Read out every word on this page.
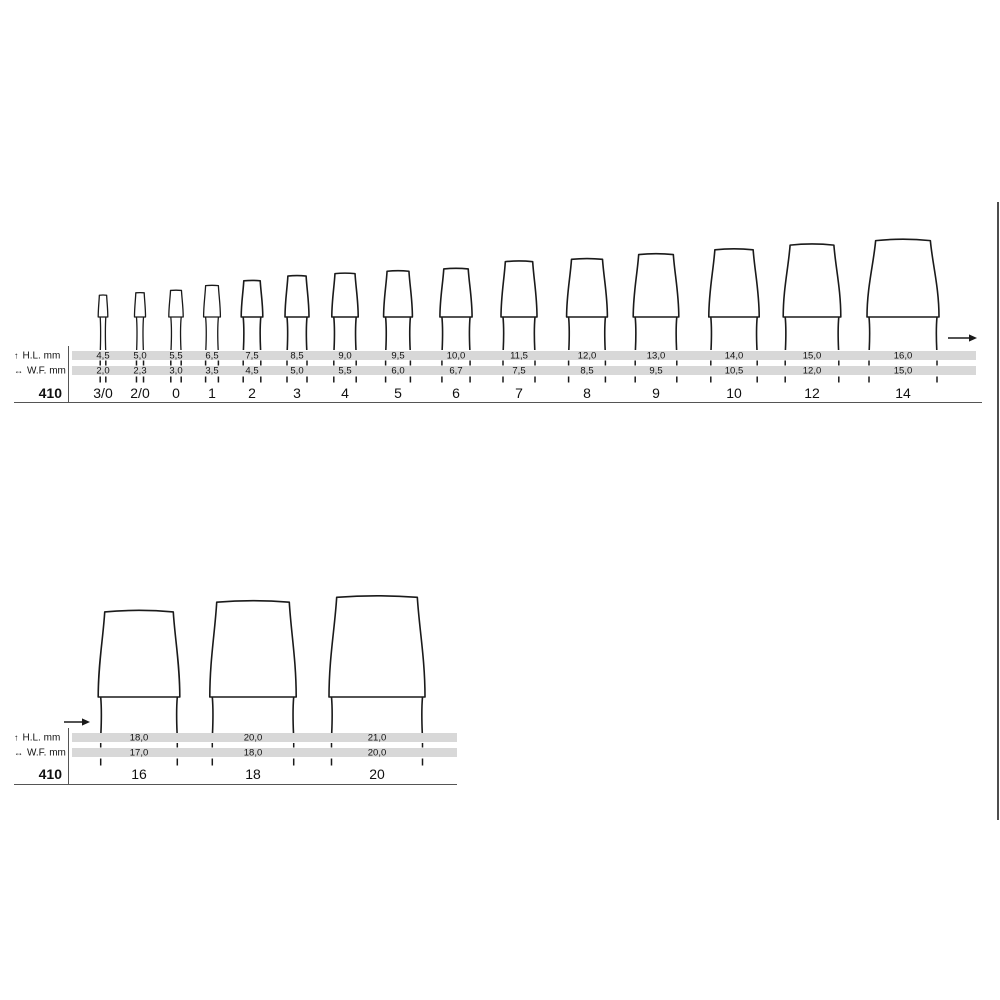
↑ H.L. mm
↔ W.F. mm
410
↑ H.L. mm
↔ W.F. mm
410
4,5
2,0
3/0
5,0
2,3
2/0
5,5
3,0
0
6,5
3,5
1
7,5
4,5
2
8,5
5,0
3
9,0
5,5
4
9,5
6,0
5
10,0
6,7
6
11,5
7,5
7
12,0
8,5
8
13,0
9,5
9
14,0
10,5
10
15,0
12,0
12
16,0
15,0
14
18,0
17,0
16
20,0
18,0
18
21,0
20,0
20
